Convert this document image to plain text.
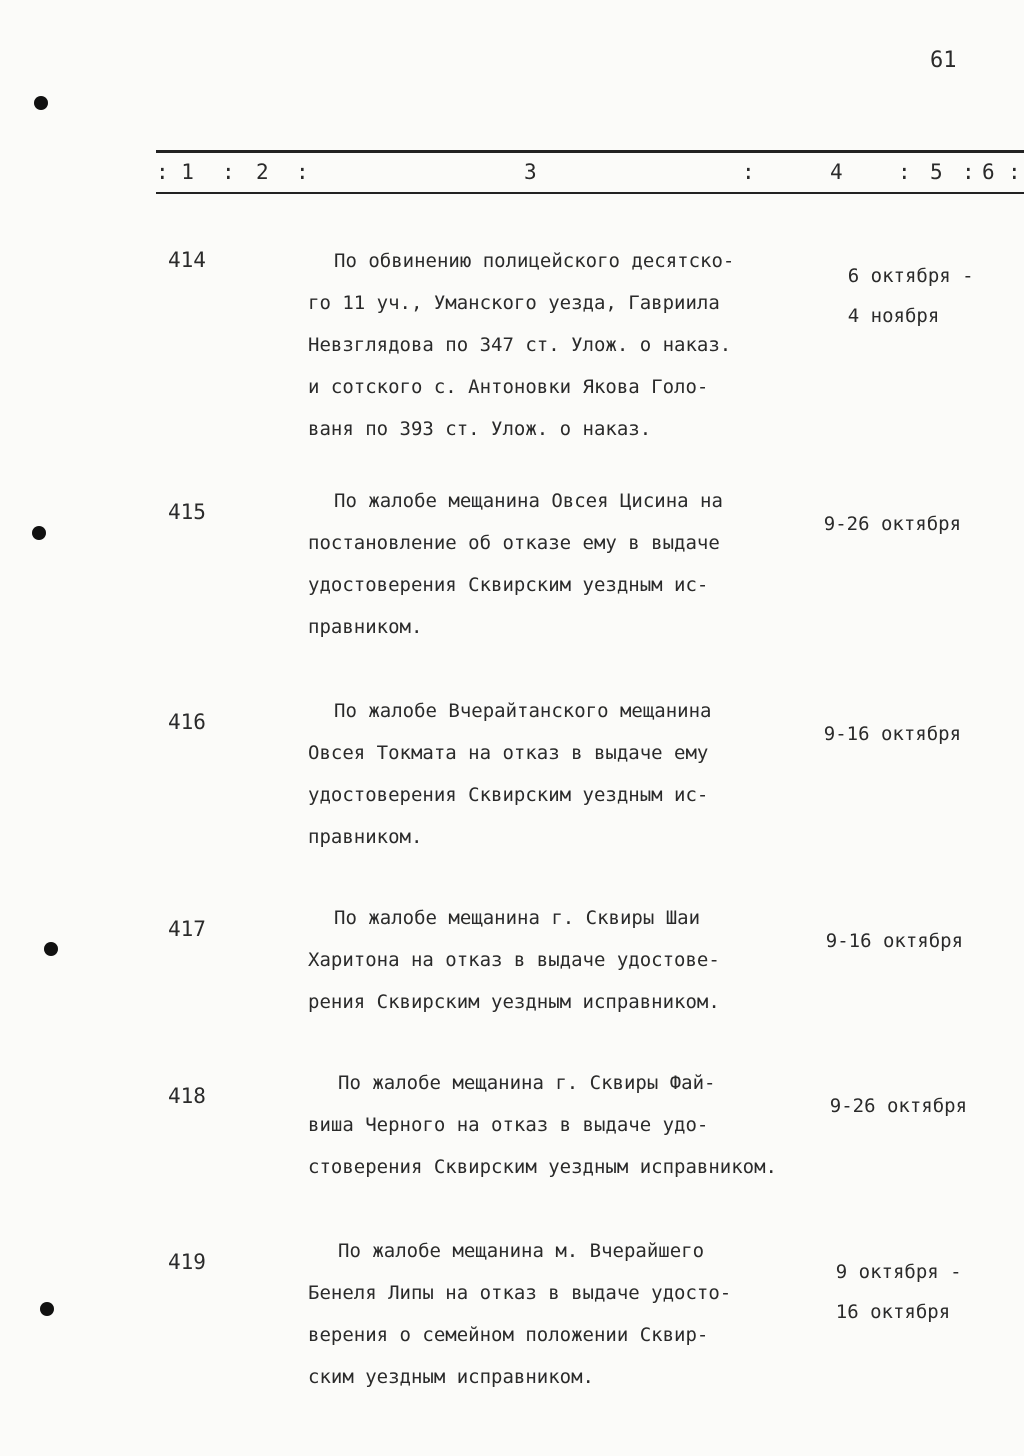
61
: 1 : 2 :	3	:	4	: 5 : 6 :
414	По обвинению полицейского десятско-
го 11 уч., Уманского уезда, Гавриила
Невзглядова по 347 ст. Улож. о наказ.
и сотского с. Антоновки Якова Голо-
ваня по 393 ст. Улож. о наказ.

6 октября -

4 ноября

415	По жалобе мещанина Овсея Цисина на
постановление об отказе ему в выдаче
удостоверения Сквирским уездным ис-
правником.

9-26 октября

416	По жалобе Вчерайтанского мещанина
Овсея Токмата на отказ в выдаче ему
удостоверения Сквирским уездным ис-
правником.

9-16 октября

417	По жалобе мещанина г. Сквиры Шаи
Харитона на отказ в выдаче удостове-
рения Сквирским уездным исправником.

9-16 октября

418
По жалобе мещанина г. Сквиры Фай-
виша Черного на отказ в выдаче удо-
стоверения Сквирским уездным исправником.

9-26 октября

419	По жалобе мещанина м. Вчерайшего
Бенеля Липы на отказ в выдаче удосто-
верения о семейном положении Сквир-
ским уездным исправником.

9 октября -

16 октября
